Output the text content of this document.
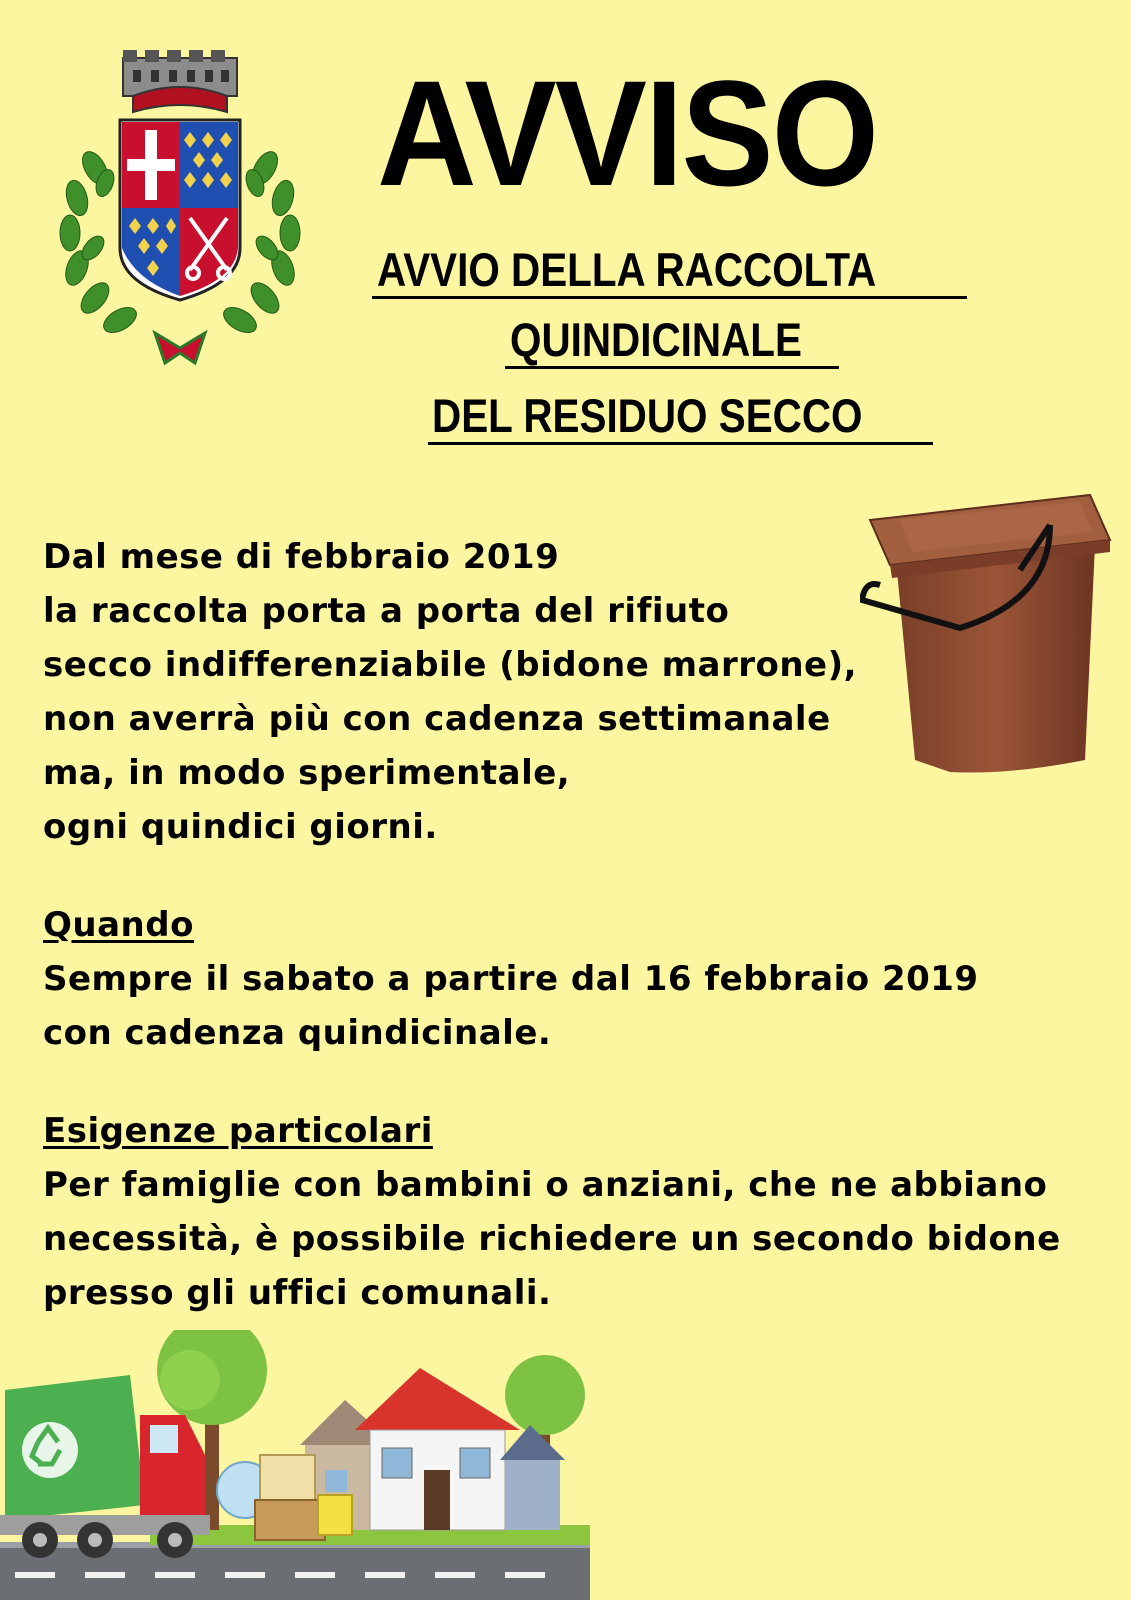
AVVISO
AVVIO DELLA RACCOLTA
QUINDICINALE
DEL RESIDUO SECCO
Dal mese di febbraio 2019
la raccolta porta a porta del rifiuto
secco indifferenziabile (bidone marrone),
non averrà più con cadenza settimanale
ma, in modo sperimentale,
ogni quindici giorni.
Quando
Sempre il sabato a partire dal 16 febbraio 2019
con cadenza quindicinale.
Esigenze particolari
Per famiglie con bambini o anziani, che ne abbiano
necessità, è possibile richiedere un secondo bidone
presso gli uffici comunali.
